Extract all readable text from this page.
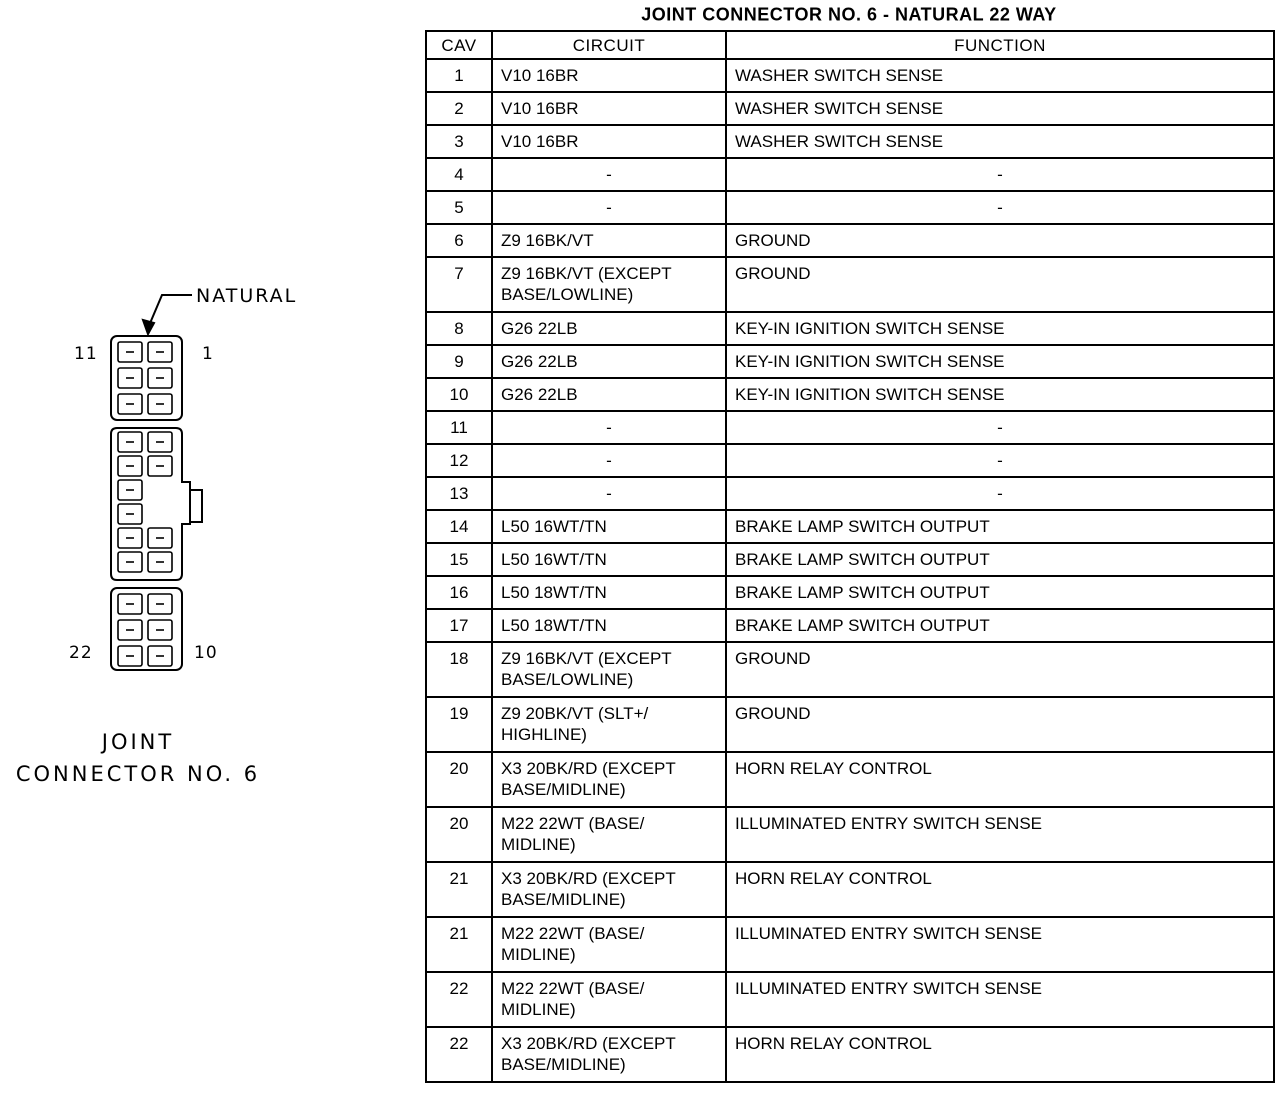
NATURAL
11	1
22	10
JOINT
CONNECTOR NO. 6
JOINT CONNECTOR NO. 6 - NATURAL 22 WAY
CAV	CIRCUIT	FUNCTION
1	V10 16BR	WASHER SWITCH SENSE
2	V10 16BR	WASHER SWITCH SENSE
3	V10 16BR	WASHER SWITCH SENSE
4	-	-
5	-	-
6	Z9 16BK/VT	GROUND
7	Z9 16BK/VT (EXCEPT
BASE/LOWLINE)	GROUND
8	G26 22LB	KEY-IN IGNITION SWITCH SENSE
9	G26 22LB	KEY-IN IGNITION SWITCH SENSE
10	G26 22LB	KEY-IN IGNITION SWITCH SENSE
11	-	-
12	-	-
13	-	-
14	L50 16WT/TN	BRAKE LAMP SWITCH OUTPUT
15	L50 16WT/TN	BRAKE LAMP SWITCH OUTPUT
16	L50 18WT/TN	BRAKE LAMP SWITCH OUTPUT
17	L50 18WT/TN	BRAKE LAMP SWITCH OUTPUT
18	Z9 16BK/VT (EXCEPT
BASE/LOWLINE)	GROUND
19	Z9 20BK/VT (SLT+/
HIGHLINE)	GROUND
20	X3 20BK/RD (EXCEPT
BASE/MIDLINE)	HORN RELAY CONTROL
20	M22 22WT (BASE/
MIDLINE)	ILLUMINATED ENTRY SWITCH SENSE
21	X3 20BK/RD (EXCEPT
BASE/MIDLINE)	HORN RELAY CONTROL
21	M22 22WT (BASE/
MIDLINE)	ILLUMINATED ENTRY SWITCH SENSE
22	M22 22WT (BASE/
MIDLINE)	ILLUMINATED ENTRY SWITCH SENSE
22	X3 20BK/RD (EXCEPT
BASE/MIDLINE)	HORN RELAY CONTROL
